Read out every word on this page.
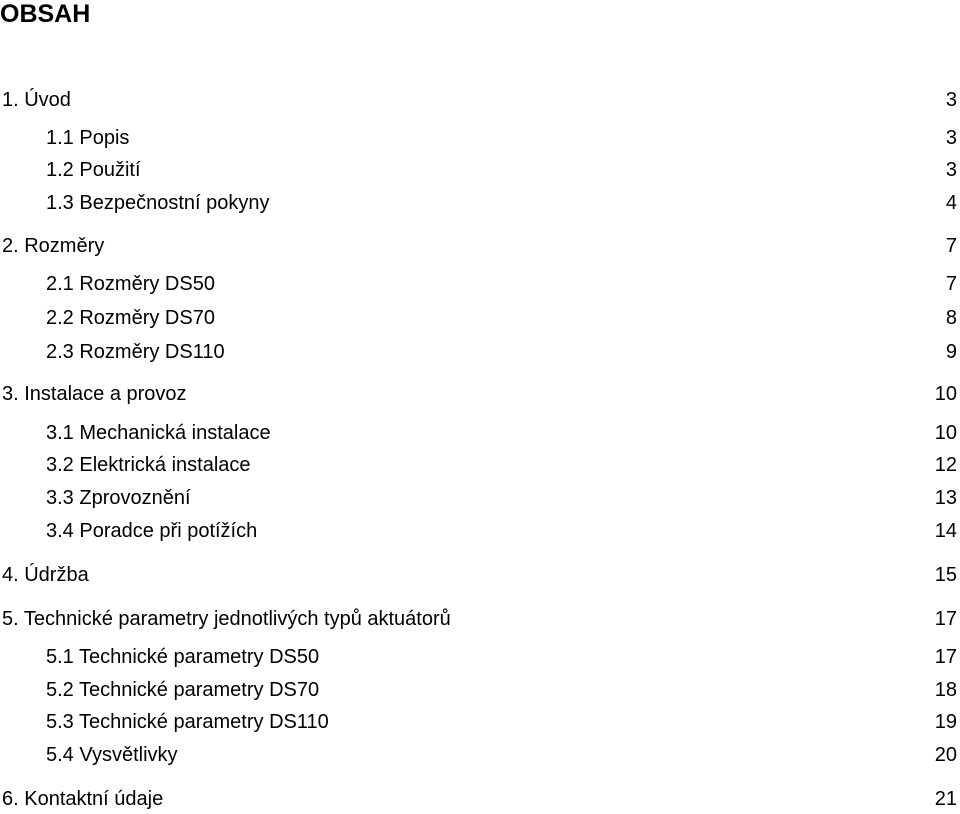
OBSAH
1. Úvod	3
1.1 Popis	3
1.2 Použití	3
1.3 Bezpečnostní pokyny	4
2. Rozměry	7
2.1 Rozměry DS50	7
2.2 Rozměry DS70	8
2.3 Rozměry DS110	9
3. Instalace a provoz	10
3.1 Mechanická instalace	10
3.2 Elektrická instalace	12
3.3 Zprovoznění	13
3.4 Poradce při potížích	14
4. Údržba	15
5. Technické parametry jednotlivých typů aktuátorů	17
5.1 Technické parametry DS50	17
5.2 Technické parametry DS70	18
5.3 Technické parametry DS110	19
5.4 Vysvětlivky	20
6. Kontaktní údaje	21
